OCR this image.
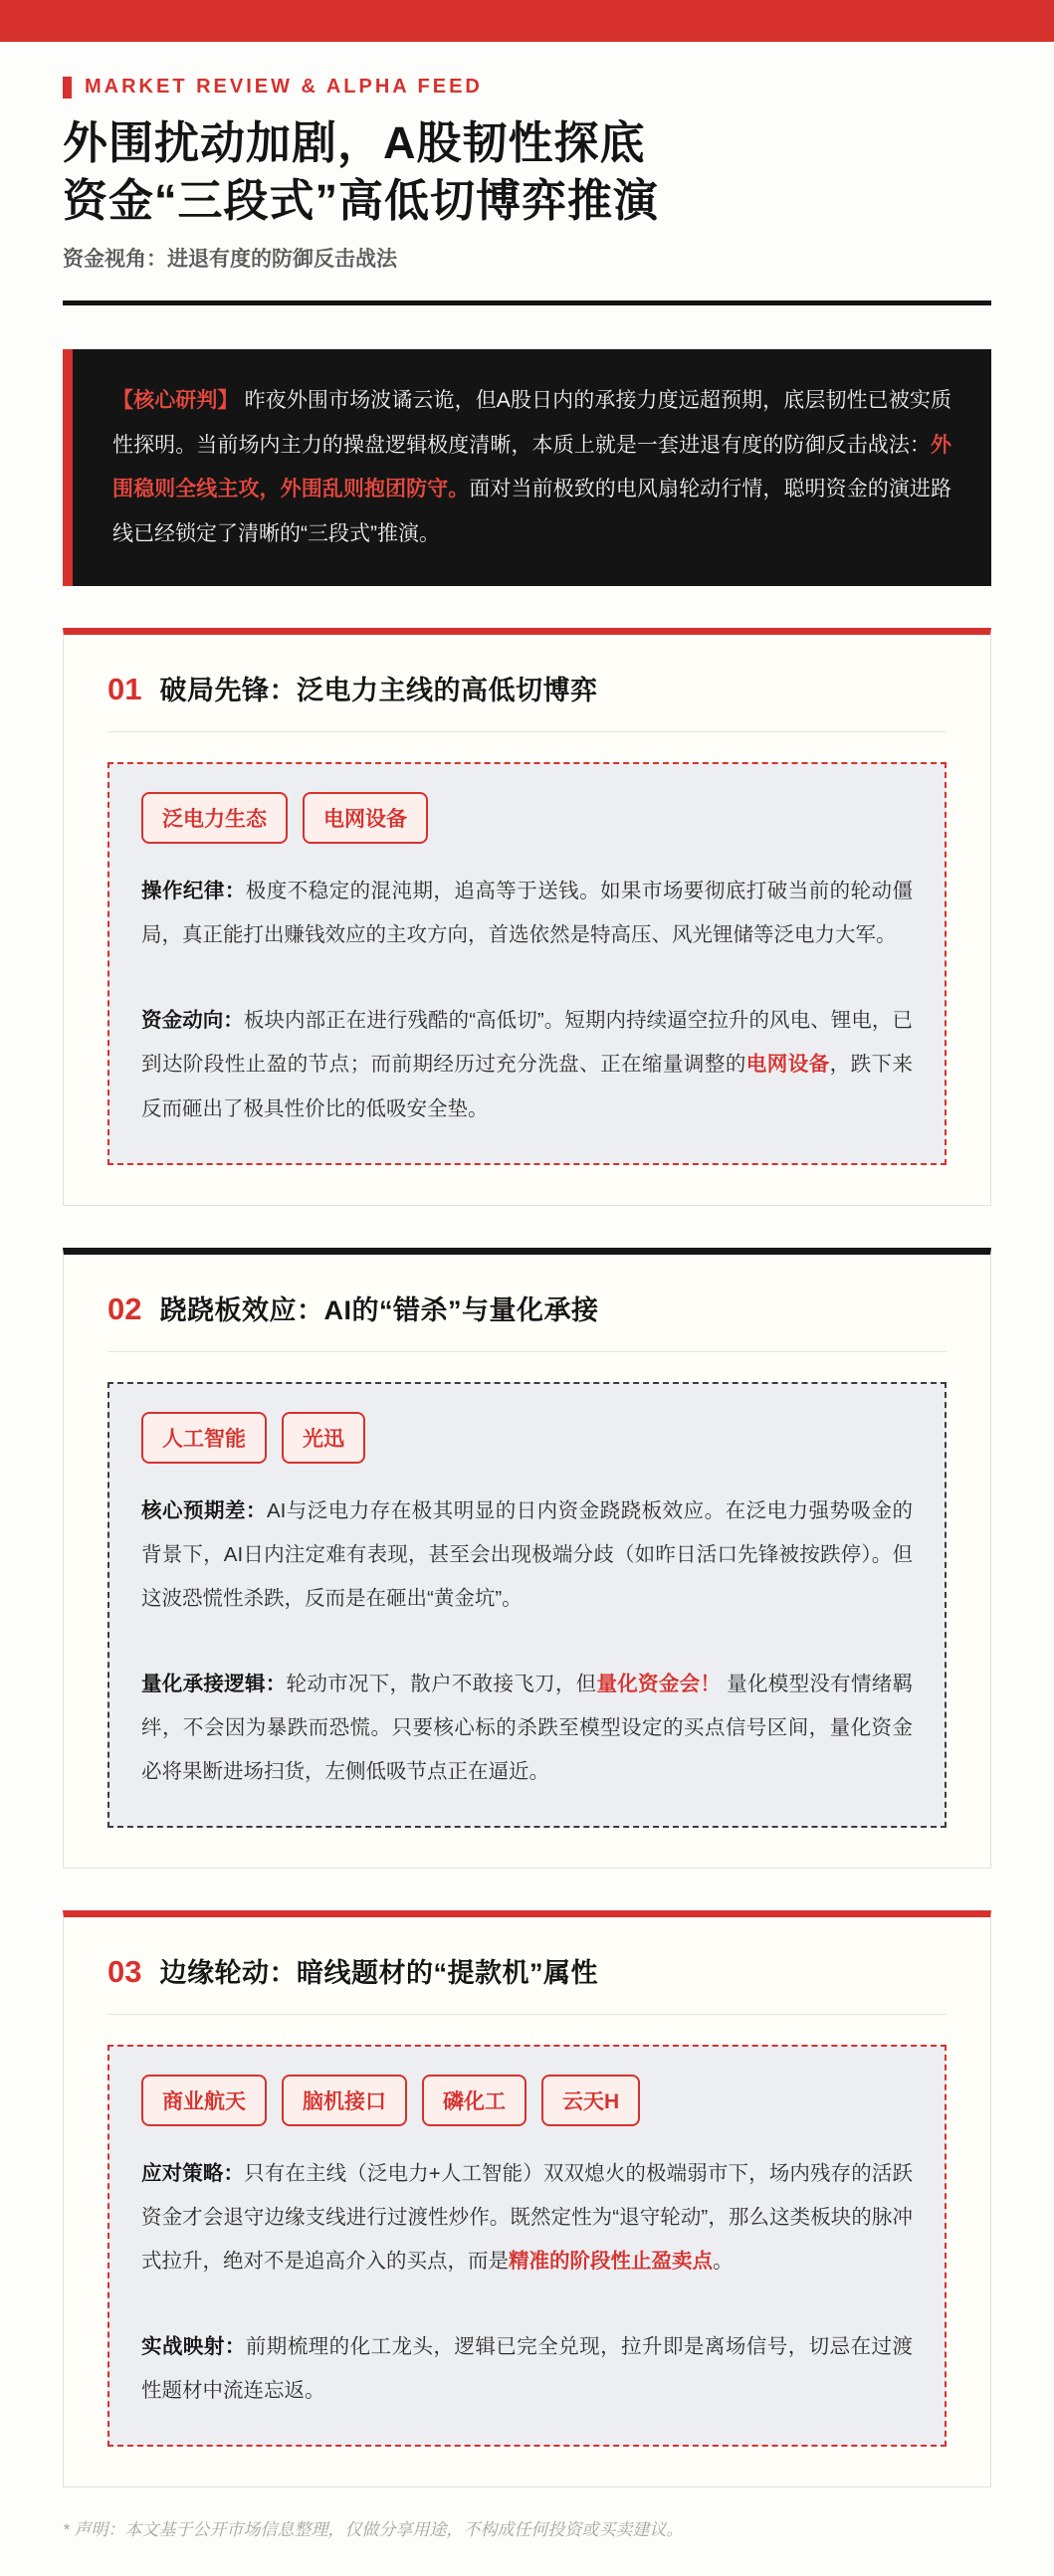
MARKET REVIEW & ALPHA FEED
外围扰动加剧，A股韧性探底
资金“三段式”高低切博弈推演
资金视角：进退有度的防御反击战法
【核心研判】 昨夜外围市场波谲云诡，但A股日内的承接力度远超预期，底层韧性已被实质性探明。当前场内主力的操盘逻辑极度清晰，本质上就是一套进退有度的防御反击战法：外围稳则全线主攻，外围乱则抱团防守。面对当前极致的电风扇轮动行情，聪明资金的演进路线已经锁定了清晰的“三段式”推演。
01 破局先锋：泛电力主线的高低切博弈
泛电力生态	电网设备

操作纪律：极度不稳定的混沌期，追高等于送钱。如果市场要彻底打破当前的轮动僵局，真正能打出赚钱效应的主攻方向，首选依然是特高压、风光锂储等泛电力大军。

资金动向：板块内部正在进行残酷的“高低切”。短期内持续逼空拉升的风电、锂电，已到达阶段性止盈的节点；而前期经历过充分洗盘、正在缩量调整的电网设备，跌下来反而砸出了极具性价比的低吸安全垫。

02 跷跷板效应：AI的“错杀”与量化承接
人工智能	光迅

核心预期差：AI与泛电力存在极其明显的日内资金跷跷板效应。在泛电力强势吸金的背景下，AI日内注定难有表现，甚至会出现极端分歧（如昨日活口先锋被按跌停）。但这波恐慌性杀跌，反而是在砸出“黄金坑”。

量化承接逻辑：轮动市况下，散户不敢接飞刀，但量化资金会！ 量化模型没有情绪羁绊，不会因为暴跌而恐慌。只要核心标的杀跌至模型设定的买点信号区间，量化资金必将果断进场扫货，左侧低吸节点正在逼近。

03 边缘轮动：暗线题材的“提款机”属性
商业航天	脑机接口	磷化工	云天H

应对策略：只有在主线（泛电力+人工智能）双双熄火的极端弱市下，场内残存的活跃资金才会退守边缘支线进行过渡性炒作。既然定性为“退守轮动”，那么这类板块的脉冲式拉升，绝对不是追高介入的买点，而是精准的阶段性止盈卖点。

实战映射：前期梳理的化工龙头，逻辑已完全兑现，拉升即是离场信号，切忌在过渡性题材中流连忘返。

* 声明：本文基于公开市场信息整理，仅做分享用途，不构成任何投资或买卖建议。
